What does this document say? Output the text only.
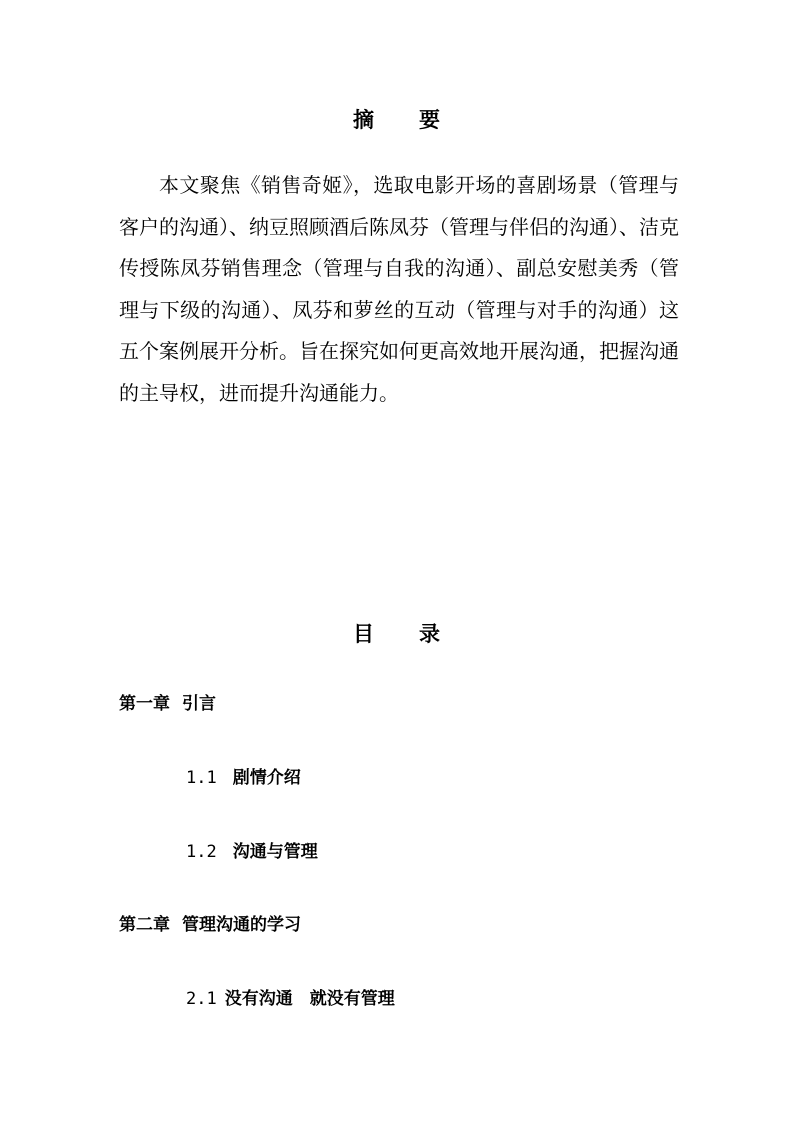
摘 要

本文聚焦《销售奇姬》，选取电影开场的喜剧场景（管理与客户的沟通）、纳豆照顾酒后陈凤芬（管理与伴侣的沟通）、洁克传授陈凤芬销售理念（管理与自我的沟通）、副总安慰美秀（管理与下级的沟通）、凤芬和萝丝的互动（管理与对手的沟通）这五个案例展开分析。旨在探究如何更高效地开展沟通，把握沟通的主导权，进而提升沟通能力。

目 录
第一章 引言
1.1 剧情介绍
1.2 沟通与管理
第二章 管理沟通的学习
2.1 没有沟通　就没有管理
